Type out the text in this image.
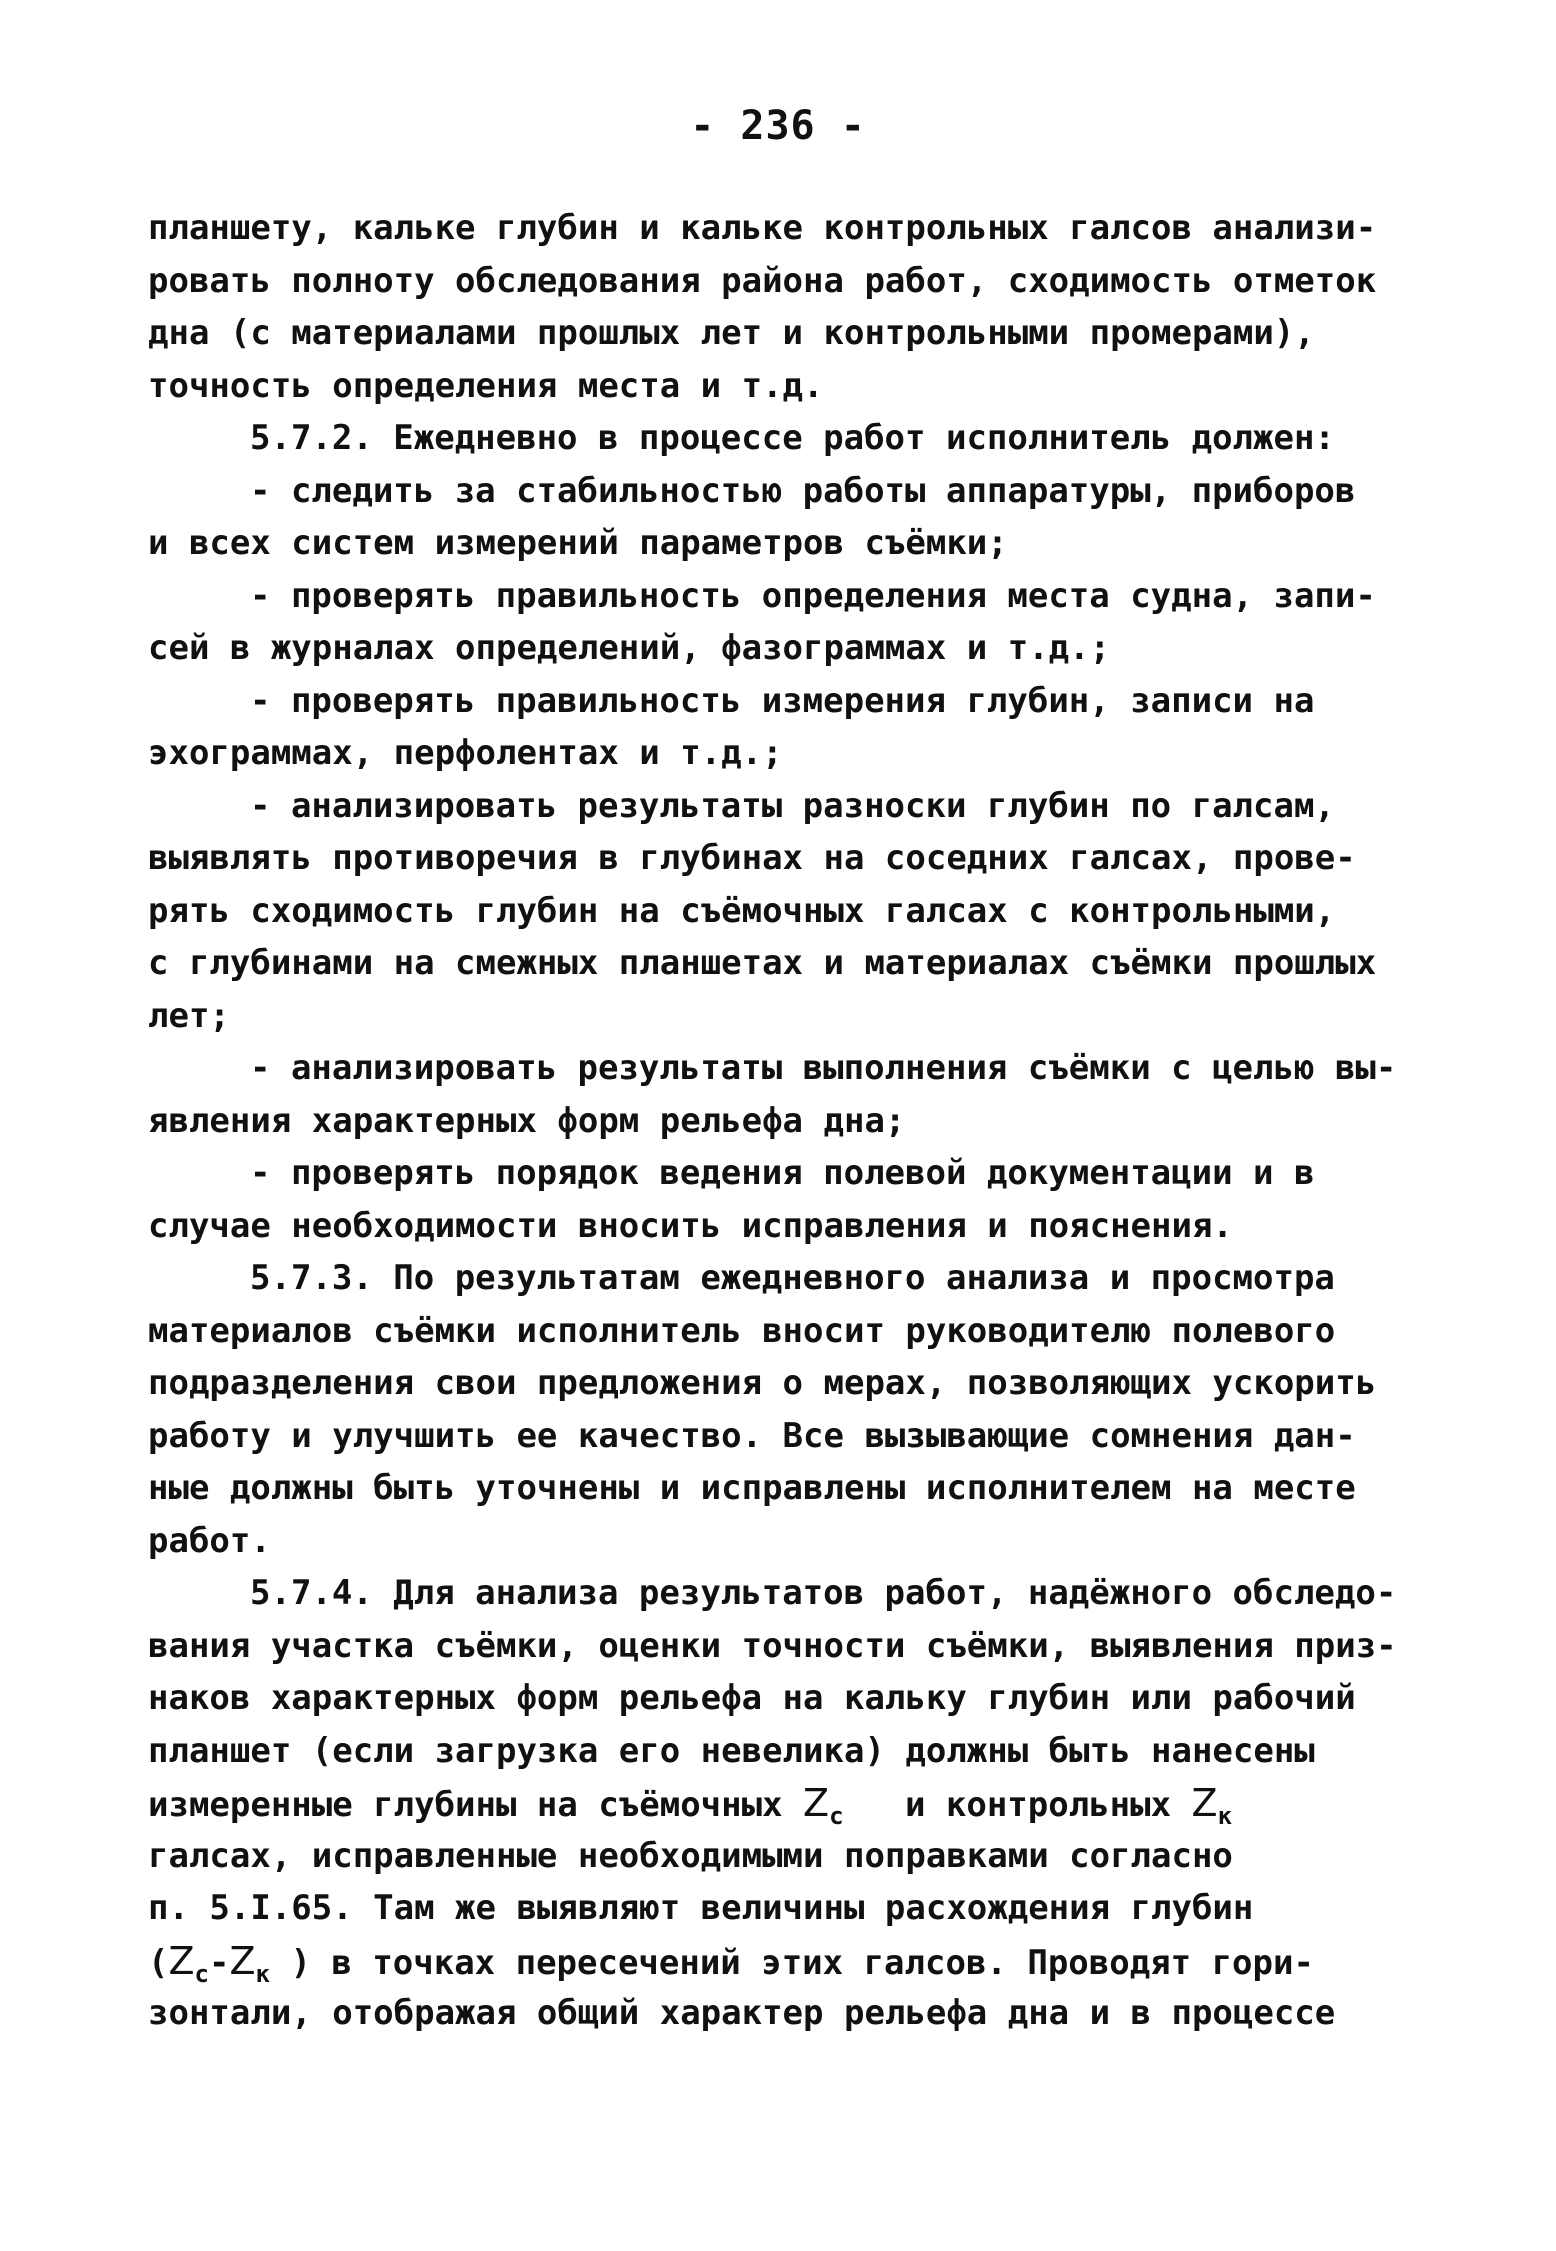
- 236 -
планшету, кальке глубин и кальке контрольных галсов анализи-
ровать полноту обследования района работ, сходимость отметок
дна (с материалами прошлых лет и контрольными промерами),
точность определения места и т.д.
5.7.2. Ежедневно в процессе работ исполнитель должен:
- следить за стабильностью работы аппаратуры, приборов
и всех систем измерений параметров съёмки;
- проверять правильность определения места судна, запи-
сей в журналах определений, фазограммах и т.д.;
- проверять правильность измерения глубин, записи на
эхограммах, перфолентах и т.д.;
- анализировать результаты разноски глубин по галсам,
выявлять противоречия в глубинах на соседних галсах, прове-
рять сходимость глубин на съёмочных галсах с контрольными,
с глубинами на смежных планшетах и материалах съёмки прошлых
лет;
- анализировать результаты выполнения съёмки с целью вы-
явления характерных форм рельефа дна;
- проверять порядок ведения полевой документации и в
случае необходимости вносить исправления и пояснения.
5.7.3. По результатам ежедневного анализа и просмотра
материалов съёмки исполнитель вносит руководителю полевого
подразделения свои предложения о мерах, позволяющих ускорить
работу и улучшить ее качество. Все вызывающие сомнения дан-
ные должны быть уточнены и исправлены исполнителем на месте
работ.
5.7.4. Для анализа результатов работ, надёжного обследо-
вания участка съёмки, оценки точности съёмки, выявления приз-
наков характерных форм рельефа на кальку глубин или рабочий
планшет (если загрузка его невелика) должны быть нанесены
измеренные глубины на съёмочных $Z_с$   и контрольных $Z_к$
галсах, исправленные необходимыми поправками согласно
п. 5.I.65. Там же выявляют величины расхождения глубин
($Z_с-Z_к$ ) в точках пересечений этих галсов. Проводят гори-
зонтали, отображая общий характер рельефа дна и в процессе
